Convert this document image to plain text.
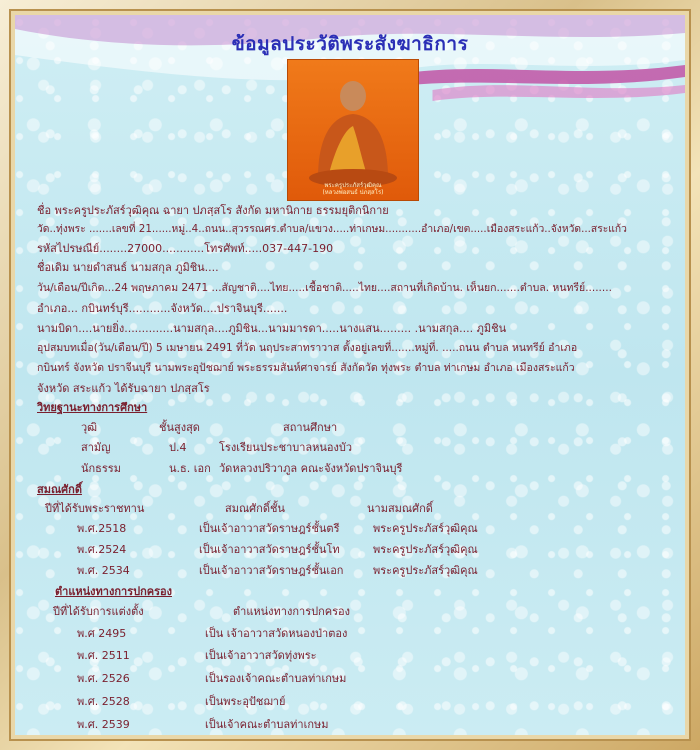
ข้อมูลประวัติพระสังฆาธิการ
พระครูประภัสร์วุฒิคุณ
(หลวงพ่อสนธ์ ปภสฺสโร)
ชื่อ พระครูประภัสร์วุฒิคุณ ฉายา ปภสฺสโร สังกัด มหานิกาย ธรรมยุติกนิกาย
วัด..ทุ่งพระ .......เลขที่ 21......หมู่..4..ถนน..สุวรรณศร.ตำบล/แขวง.....ท่าเกษม...........อำเภอ/เขต.....เมืองสระแก้ว..จังหวัด...สระแก้ว
รหัสไปรษณีย์........27000............โทรศัพท์.....037-447-190
ชื่อเดิม นายดำสนธ์ นามสกุล ภูมิชิน....
วัน/เดือน/ปีเกิด...24 พฤษภาคม 2471 ...สัญชาติ....ไทย.....เชื้อชาติ.....ไทย....สถานที่เกิดบ้าน. เห็นยก.......ตำบล. หนทรีย์........
อำเภอ... กบินทร์บุรี............จังหวัด....ปราจินบุรี.......
นามบิดา....นายยิ่ง..............นามสกุล....ภูมิชิน...นามมารดา.....นางแสน......... .นามสกุล.... ภูมิชิน
อุปสมบทเมื่อ(วัน/เดือน/ปี) 5 เมษายน 2491 ที่วัด นฤประสาทราวาส ตั้งอยู่เลขที่.......หมู่ที่. .....ถนน ตำบล หนทรีย์ อำเภอ
กบินทร์ จังหวัด ปราจีนบุรี นามพระอุปัชฌาย์ พระธรรมสันห์ศาจารย์ สังกัดวัด ทุ่งพระ ตำบล ท่าเกษม อำเภอ เมืองสระแก้ว
จังหวัด สระแก้ว ได้รับฉายา ปภสฺสโร
วิทยฐานะทางการศึกษา
วุฒิ	ชั้นสูงสุด	สถานศึกษา
สามัญ	ป.4	โรงเรียนประชาบาลหนองบัว
นักธรรม	น.ธ. เอก วัดหลวงปริวาภูล คณะจังหวัดปราจินบุรี
สมณศักดิ์
ปีที่ได้รับพระราชทาน	สมณศักดิ์ชั้น	นามสมณศักดิ์
พ.ศ.2518	เป็นเจ้าอาวาสวัดราษฎร์ชั้นตรี	พระครูประภัสร์วุฒิคุณ
พ.ศ.2524	เป็นเจ้าอาวาสวัดราษฎร์ชั้นโท	พระครูประภัสร์วุฒิคุณ
พ.ศ. 2534	เป็นเจ้าอาวาสวัดราษฎร์ชั้นเอก	พระครูประภัสร์วุฒิคุณ
ตำแหน่งทางการปกครอง
ปีที่ได้รับการแต่งตั้ง	ตำแหน่งทางการปกครอง
พ.ศ 2495	เป็น เจ้าอาวาสวัดหนองป่าตอง
พ.ศ. 2511	เป็นเจ้าอาวาสวัดทุ่งพระ
พ.ศ. 2526	เป็นรองเจ้าคณะตำบลท่าเกษม
พ.ศ. 2528	เป็นพระอุปัชฌาย์
พ.ศ. 2539	เป็นเจ้าคณะตำบลท่าเกษม
